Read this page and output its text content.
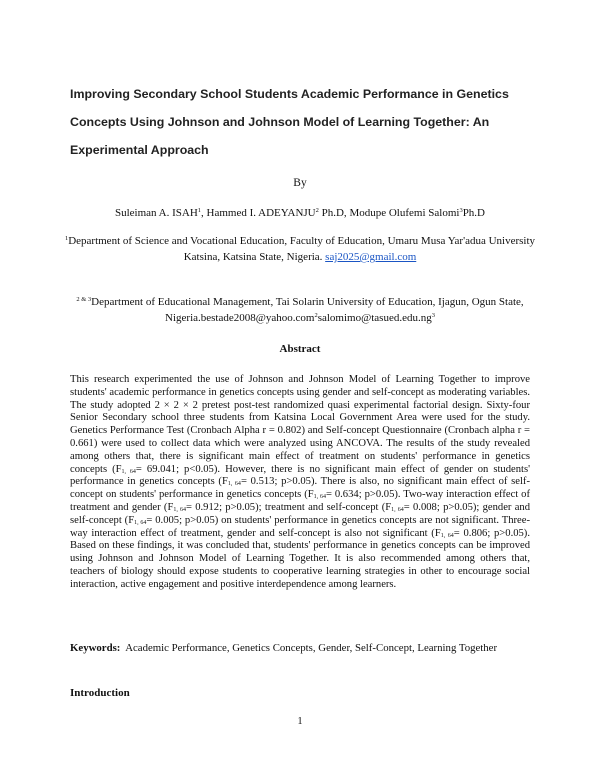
Improving Secondary School Students Academic Performance in Genetics
Concepts Using Johnson and Johnson Model of Learning Together: An
Experimental Approach
By
Suleiman A. ISAH$^1$, Hammed I. ADEYANJU$^2$ Ph.D, Modupe Olufemi Salomi$^3$Ph.D
$^1$Department of Science and Vocational Education, Faculty of Education, Umaru Musa Yar'adua University Katsina, Katsina State, Nigeria. saj2025@gmail.com
$^{2 \& 3}$Department of Educational Management, Tai Solarin University of Education, Ijagun, Ogun State, $Nigeria.bestade2008@yahoo.com^2salomimo@tasued.edu.ng^3$
Abstract

This research experimented the use of Johnson and Johnson Model of Learning Together to improve students' academic performance in genetics concepts using gender and self-concept as moderating variables. The study adopted 2 × 2 × 2 pretest post-test randomized quasi experimental factorial design. Sixty-four Senior Secondary school three students from Katsina Local Government Area were used for the study. Genetics Performance Test (Cronbach Alpha r = 0.802) and Self-concept Questionnaire (Cronbach alpha r = 0.661) were used to collect data which were analyzed using ANCOVA. The results of the study revealed among others that, there is significant main effect of treatment on students' performance in genetics concepts ($F_{1, 64}= 69.041$; p<0.05). However, there is no significant main effect of gender on students' performance in genetics concepts ($F_{1, 64}= 0.513$; p>0.05). There is also, no significant main effect of self-concept on students' performance in genetics concepts ($F_{1, 64}= 0.634$; p>0.05). Two-way interaction effect of treatment and gender ($F_{1, 64}= 0.912$; p>0.05); treatment and self-concept ($F_{1, 64}= 0.008$; p>0.05); gender and self-concept ($F_{1, 64}= 0.005$; p>0.05) on students' performance in genetics concepts are not significant. Three-way interaction effect of treatment, gender and self-concept is also not significant ($F_{1, 64}= 0.806$; p>0.05). Based on these findings, it was concluded that, students' performance in genetics concepts can be improved using Johnson and Johnson Model of Learning Together. It is also recommended among others that, teachers of biology should expose students to cooperative learning strategies in other to encourage social interaction, active engagement and positive interdependence among learners.

Keywords: Academic Performance, Genetics Concepts, Gender, Self-Concept, Learning Together

Introduction
1
